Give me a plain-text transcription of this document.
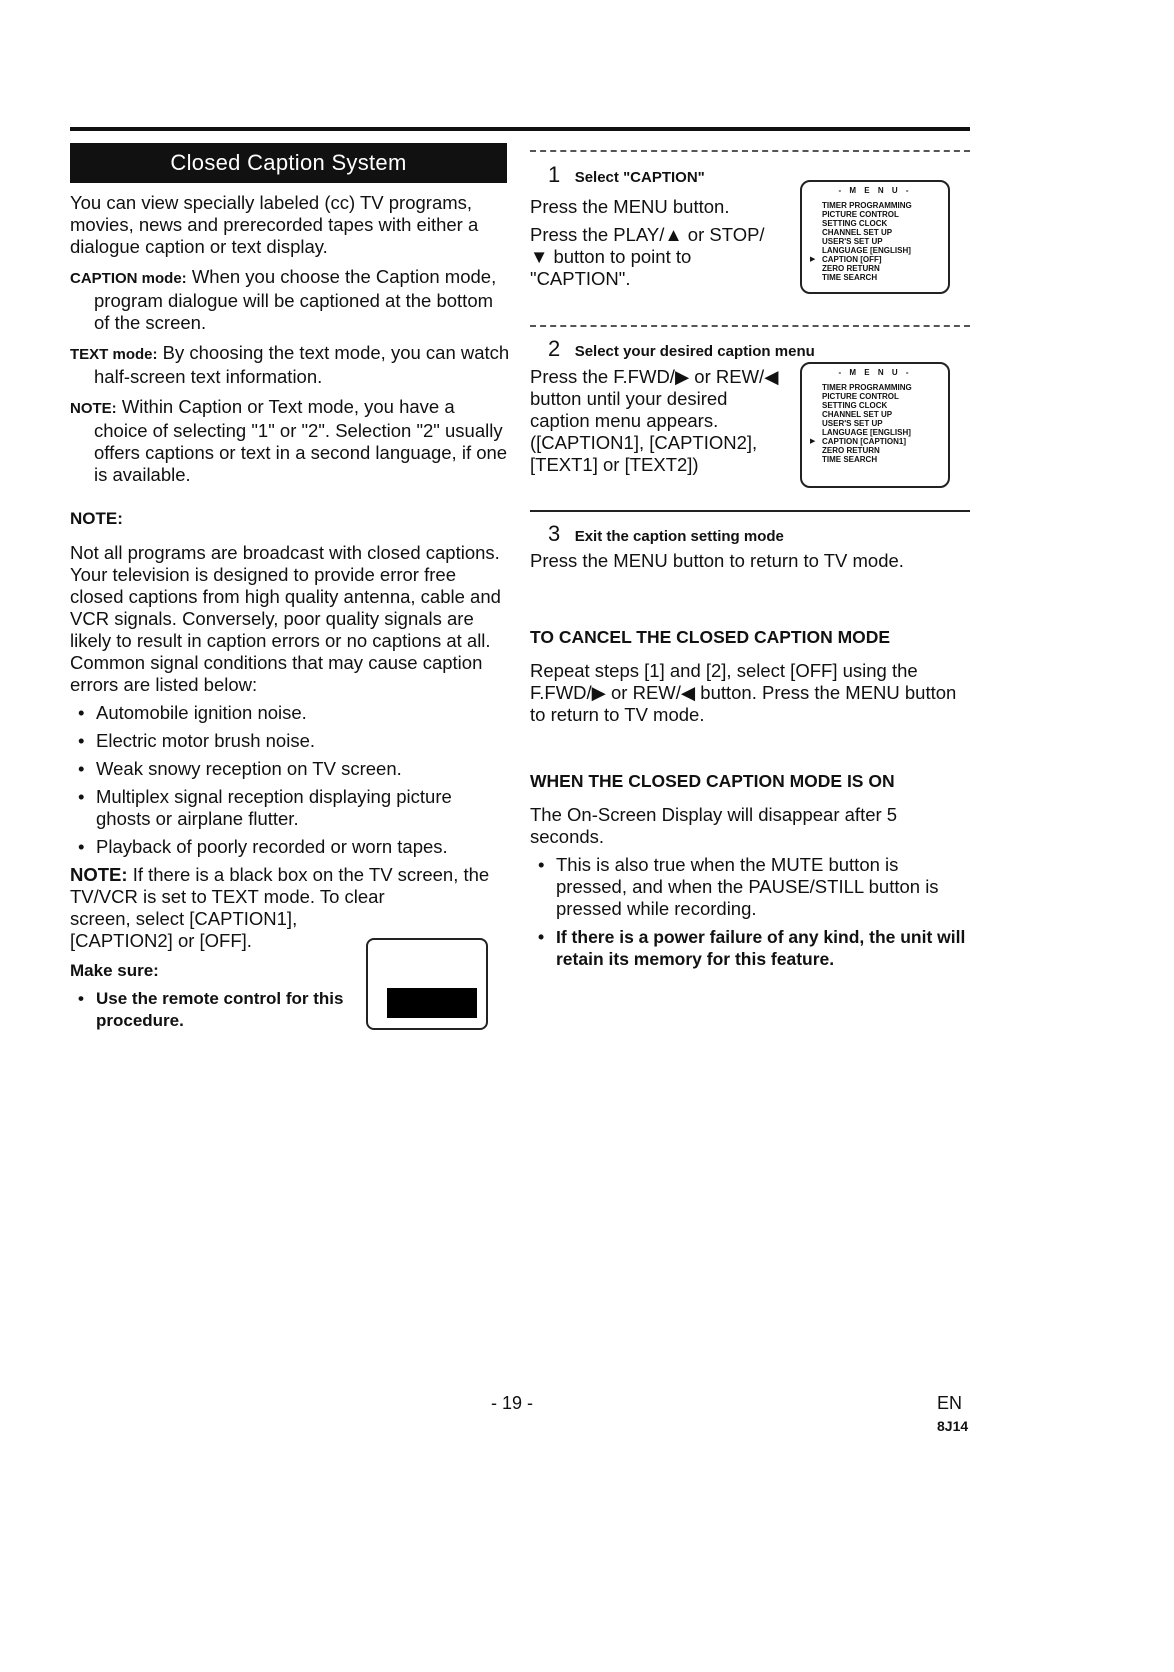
Closed Caption System

You can view specially labeled (cc) TV programs, movies, news and prerecorded tapes with either a dialogue caption or text display.

CAPTION mode: When you choose the Caption mode, program dialogue will be captioned at the bottom of the screen.

TEXT mode: By choosing the text mode, you can watch half-screen text information.

NOTE: Within Caption or Text mode, you have a choice of selecting "1" or "2". Selection "2" usually offers captions or text in a second language, if one is available.

NOTE:

Not all programs are broadcast with closed captions. Your television is designed to provide error free closed captions from high quality antenna, cable and VCR signals. Conversely, poor quality signals are likely to result in caption errors or no captions at all. Common signal conditions that may cause caption errors are listed below:

• Automobile ignition noise.

• Electric motor brush noise.

• Weak snowy reception on TV screen.

• Multiplex signal reception displaying picture ghosts or airplane flutter.

• Playback of poorly recorded or worn tapes.

NOTE: If there is a black box on the TV screen, the TV/VCR is set to TEXT mode. To clear

screen, select [CAPTION1],

[CAPTION2] or [OFF].

Make sure:

• Use the remote control for this procedure.

1 Select "CAPTION"

Press the MENU button.

Press the PLAY/▲ or STOP/▼ button to point to "CAPTION".

- M E N U -
TIMER PROGRAMMING
PICTURE CONTROL
SETTING CLOCK
CHANNEL SET UP
USER'S SET UP
LANGUAGE [ENGLISH]
▶ CAPTION [OFF]
ZERO RETURN
TIME SEARCH
2 Select your desired caption menu

Press the F.FWD/▶ or REW/◀ button until your desired caption menu appears. ([CAPTION1], [CAPTION2], [TEXT1] or [TEXT2])

- M E N U -
TIMER PROGRAMMING
PICTURE CONTROL
SETTING CLOCK
CHANNEL SET UP
USER'S SET UP
LANGUAGE [ENGLISH]
▶ CAPTION [CAPTION1]
ZERO RETURN
TIME SEARCH
3 Exit the caption setting mode

Press the MENU button to return to TV mode.

TO CANCEL THE CLOSED CAPTION MODE

Repeat steps [1] and [2], select [OFF] using the F.FWD/▶ or REW/◀ button. Press the MENU button to return to TV mode.

WHEN THE CLOSED CAPTION MODE IS ON

The On-Screen Display will disappear after 5 seconds.

• This is also true when the MUTE button is pressed, and when the PAUSE/STILL button is pressed while recording.

• If there is a power failure of any kind, the unit will retain its memory for this feature.

- 19 -	EN
8J14
